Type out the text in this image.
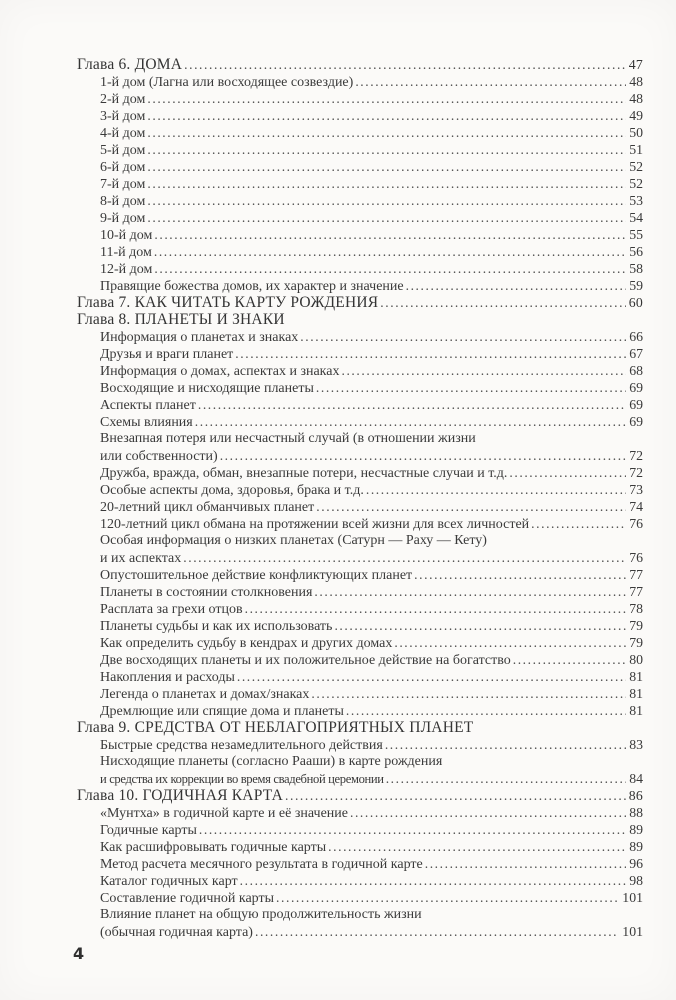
Глава 6. ДОМА .....	47
1-й дом (Лагна или восходящее созвездие) .....	48
2-й дом .....	48
3-й дом .....	49
4-й дом .....	50
5-й дом .....	51
6-й дом .....	52
7-й дом .....	52
8-й дом .....	53
9-й дом .....	54
10-й дом .....	55
11-й дом .....	56
12-й дом .....	58
Правящие божества домов, их характер и значение .....	59
Глава 7. КАК ЧИТАТЬ КАРТУ РОЖДЕНИЯ .....	60
Глава 8. ПЛАНЕТЫ И ЗНАКИ
Информация о планетах и знаках .....	66
Друзья и враги планет .....	67
Информация о домах, аспектах и знаках .....	68
Восходящие и нисходящие планеты .....	69
Аспекты планет .....	69
Схемы влияния .....	69
Внезапная потеря или несчастный случай (в отношении жизни
или собственности) .....	72
Дружба, вражда, обман, внезапные потери, несчастные случаи и т.д. .....	72
Особые аспекты дома, здоровья, брака и т.д. .....	73
20-летний цикл обманчивых планет .....	74
120-летний цикл обмана на протяжении всей жизни для всех личностей .....	76
Особая информация о низких планетах (Сатурн — Раху — Кету)
и их аспектах .....	76
Опустошительное действие конфликтующих планет .....	77
Планеты в состоянии столкновения .....	77
Расплата за грехи отцов .....	78
Планеты судьбы и как их использовать .....	79
Как определить судьбу в кендрах и других домах .....	79
Две восходящих планеты и их положительное действие на богатство .....	80
Накопления и расходы .....	81
Легенда о планетах и домах/знаках .....	81
Дремлющие или спящие дома и планеты .....	81
Глава 9. СРЕДСТВА ОТ НЕБЛАГОПРИЯТНЫХ ПЛАНЕТ
Быстрые средства незамедлительного действия .....	83
Нисходящие планеты (согласно Рааши) в карте рождения
и средства их коррекции во время свадебной церемонии .....	84
Глава 10. ГОДИЧНАЯ КАРТА .....	86
«Мунтха» в годичной карте и её значение .....	88
Годичные карты .....	89
Как расшифровывать годичные карты .....	89
Метод расчета месячного результата в годичной карте .....	96
Каталог годичных карт .....	98
Составление годичной карты .....	101
Влияние планет на общую продолжительность жизни
(обычная годичная карта) .....	101
4
